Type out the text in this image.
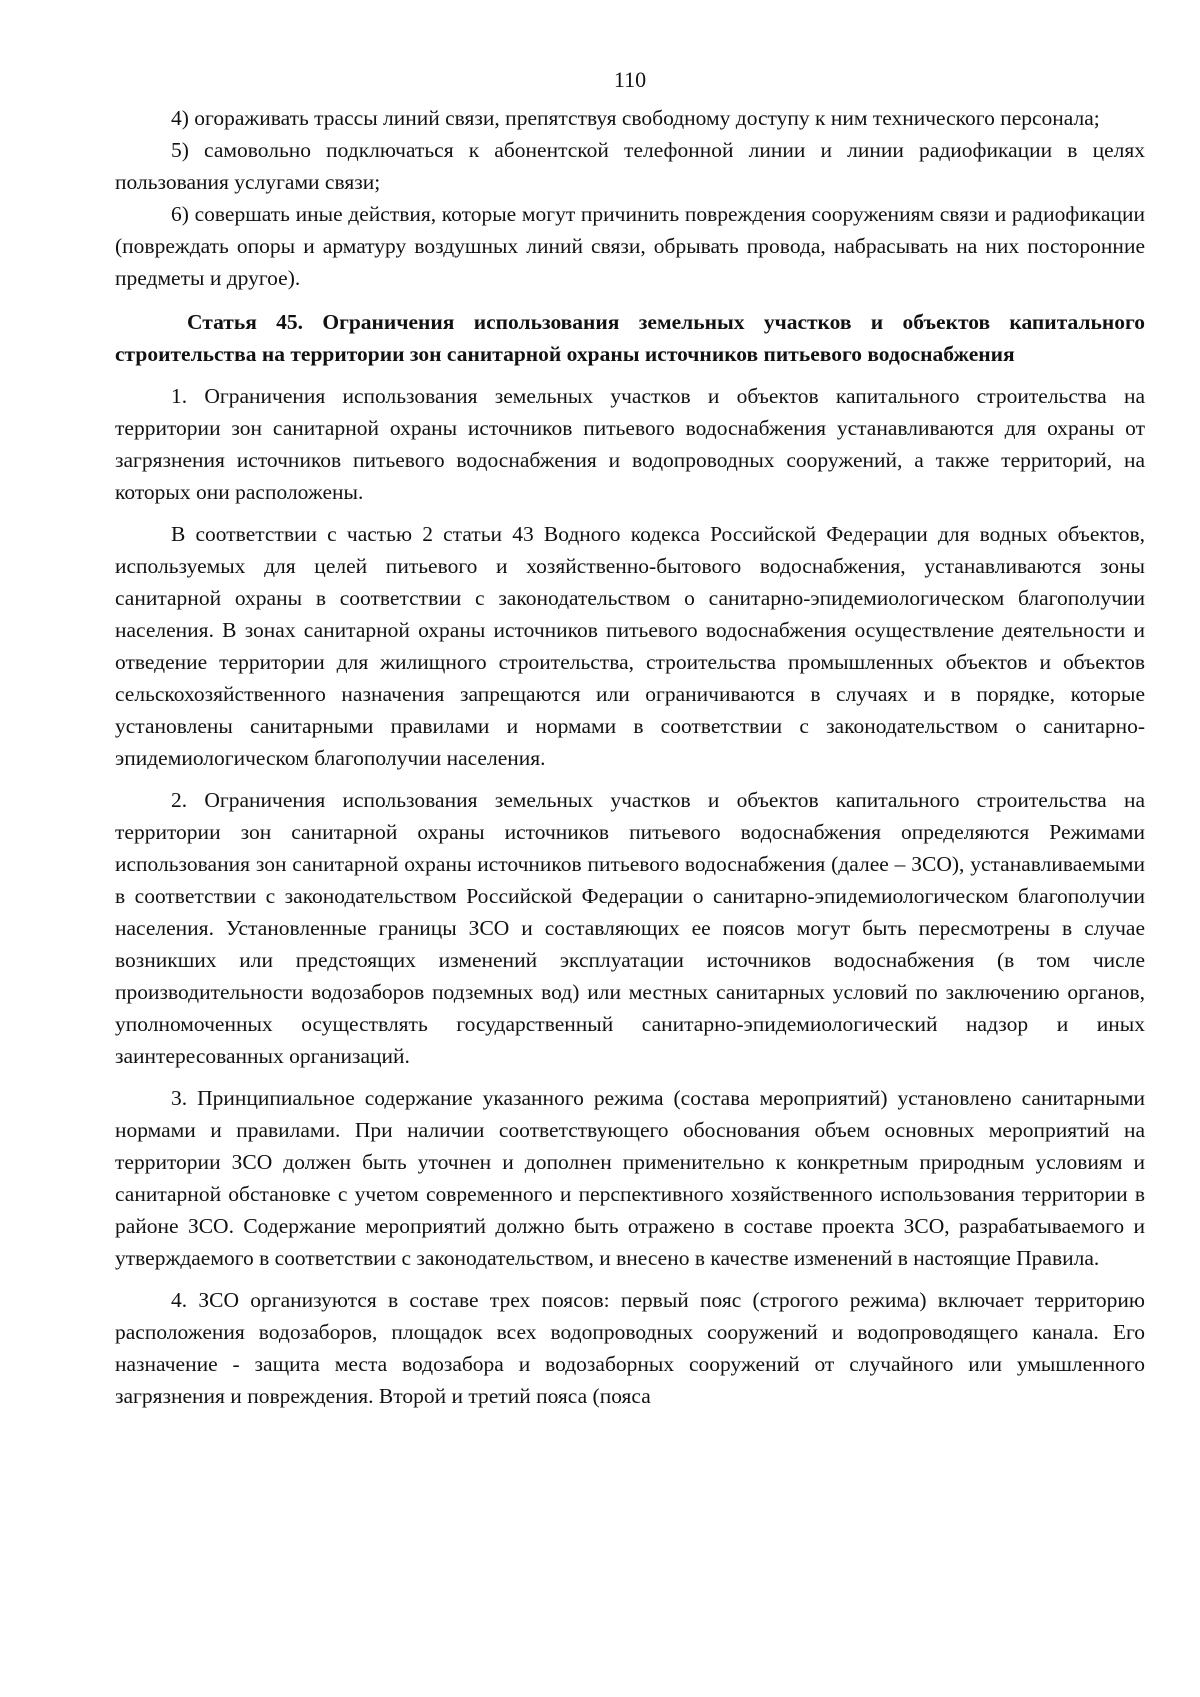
110

4) огораживать трассы линий связи, препятствуя свободному доступу к ним технического персонала;

5) самовольно подключаться к абонентской телефонной линии и линии радиофикации в целях пользования услугами связи;

6) совершать иные действия, которые могут причинить повреждения сооружениям связи и радиофикации (повреждать опоры и арматуру воздушных линий связи, обрывать провода, набрасывать на них посторонние предметы и другое).

Статья 45. Ограничения использования земельных участков и объектов капитального строительства на территории зон санитарной охраны источников питьевого водоснабжения

1. Ограничения использования земельных участков и объектов капитального строительства на территории зон санитарной охраны источников питьевого водоснабжения устанавливаются для охраны от загрязнения источников питьевого водоснабжения и водопроводных сооружений, а также территорий, на которых они расположены.

В соответствии с частью 2 статьи 43 Водного кодекса Российской Федерации для водных объектов, используемых для целей питьевого и хозяйственно-бытового водоснабжения, устанавливаются зоны санитарной охраны в соответствии с законодательством о санитарно-эпидемиологическом благополучии населения. В зонах санитарной охраны источников питьевого водоснабжения осуществление деятельности и отведение территории для жилищного строительства, строительства промышленных объектов и объектов сельскохозяйственного назначения запрещаются или ограничиваются в случаях и в порядке, которые установлены санитарными правилами и нормами в соответствии с законодательством о санитарно-эпидемиологическом благополучии населения.

2. Ограничения использования земельных участков и объектов капитального строительства на территории зон санитарной охраны источников питьевого водоснабжения определяются Режимами использования зон санитарной охраны источников питьевого водоснабжения (далее – ЗСО), устанавливаемыми в соответствии с законодательством Российской Федерации о санитарно-эпидемиологическом благополучии населения. Установленные границы ЗСО и составляющих ее поясов могут быть пересмотрены в случае возникших или предстоящих изменений эксплуатации источников водоснабжения (в том числе производительности водозаборов подземных вод) или местных санитарных условий по заключению органов, уполномоченных осуществлять государственный санитарно-эпидемиологический надзор и иных заинтересованных организаций.

3. Принципиальное содержание указанного режима (состава мероприятий) установлено санитарными нормами и правилами. При наличии соответствующего обоснования объем основных мероприятий на территории ЗСО должен быть уточнен и дополнен применительно к конкретным природным условиям и санитарной обстановке с учетом современного и перспективного хозяйственного использования территории в районе ЗСО. Содержание мероприятий должно быть отражено в составе проекта ЗСО, разрабатываемого и утверждаемого в соответствии с законодательством, и внесено в качестве изменений в настоящие Правила.

4. ЗСО организуются в составе трех поясов: первый пояс (строгого режима) включает территорию расположения водозаборов, площадок всех водопроводных сооружений и водопроводящего канала. Его назначение - защита места водозабора и водозаборных сооружений от случайного или умышленного загрязнения и повреждения. Второй и третий пояса (пояса
